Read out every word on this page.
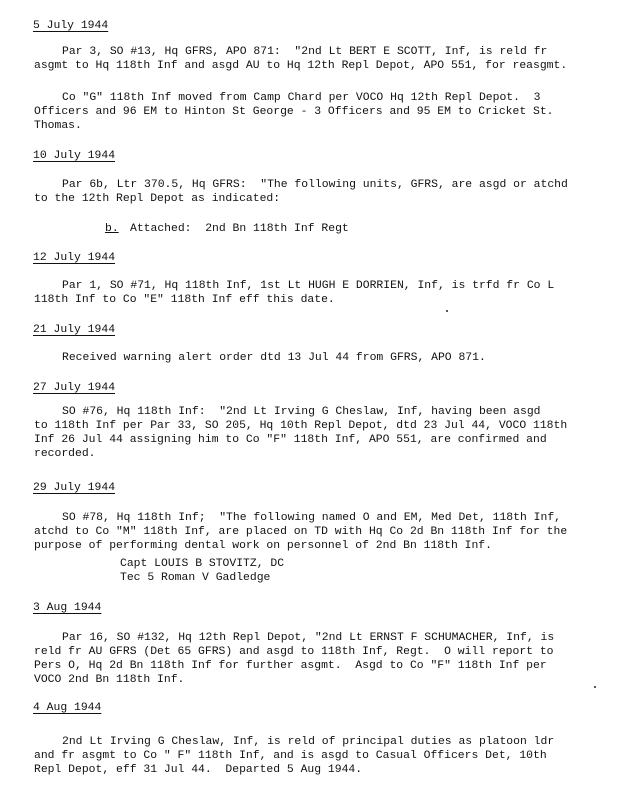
5 July 1944
Par 3, SO #13, Hq GFRS, APO 871:  "2nd Lt BERT E SCOTT, Inf, is reld fr
asgmt to Hq 118th Inf and asgd AU to Hq 12th Repl Depot, APO 551, for reasgmt.
Co "G" 118th Inf moved from Camp Chard per VOCO Hq 12th Repl Depot.  3
Officers and 96 EM to Hinton St George - 3 Officers and 95 EM to Cricket St.
Thomas.
10 July 1944
Par 6b, Ltr 370.5, Hq GFRS:  "The following units, GFRS, are asgd or atchd
to the 12th Repl Depot as indicated:
b. Attached:  2nd Bn 118th Inf Regt
12 July 1944
Par 1, SO #71, Hq 118th Inf, 1st Lt HUGH E DORRIEN, Inf, is trfd fr Co L
118th Inf to Co "E" 118th Inf eff this date.
21 July 1944
Received warning alert order dtd 13 Jul 44 from GFRS, APO 871.
27 July 1944
SO #76, Hq 118th Inf:  "2nd Lt Irving G Cheslaw, Inf, having been asgd
to 118th Inf per Par 33, SO 205, Hq 10th Repl Depot, dtd 23 Jul 44, VOCO 118th
Inf 26 Jul 44 assigning him to Co "F" 118th Inf, APO 551, are confirmed and
recorded.
29 July 1944
SO #78, Hq 118th Inf;  "The following named O and EM, Med Det, 118th Inf,
atchd to Co "M" 118th Inf, are placed on TD with Hq Co 2d Bn 118th Inf for the
purpose of performing dental work on personnel of 2nd Bn 118th Inf.
Capt LOUIS B STOVITZ, DC
Tec 5 Roman V Gadledge
3 Aug 1944
Par 16, SO #132, Hq 12th Repl Depot, "2nd Lt ERNST F SCHUMACHER, Inf, is
reld fr AU GFRS (Det 65 GFRS) and asgd to 118th Inf, Regt.  O will report to
Pers O, Hq 2d Bn 118th Inf for further asgmt.  Asgd to Co "F" 118th Inf per
VOCO 2nd Bn 118th Inf.
4 Aug 1944
2nd Lt Irving G Cheslaw, Inf, is reld of principal duties as platoon ldr
and fr asgmt to Co " F" 118th Inf, and is asgd to Casual Officers Det, 10th
Repl Depot, eff 31 Jul 44.  Departed 5 Aug 1944.
